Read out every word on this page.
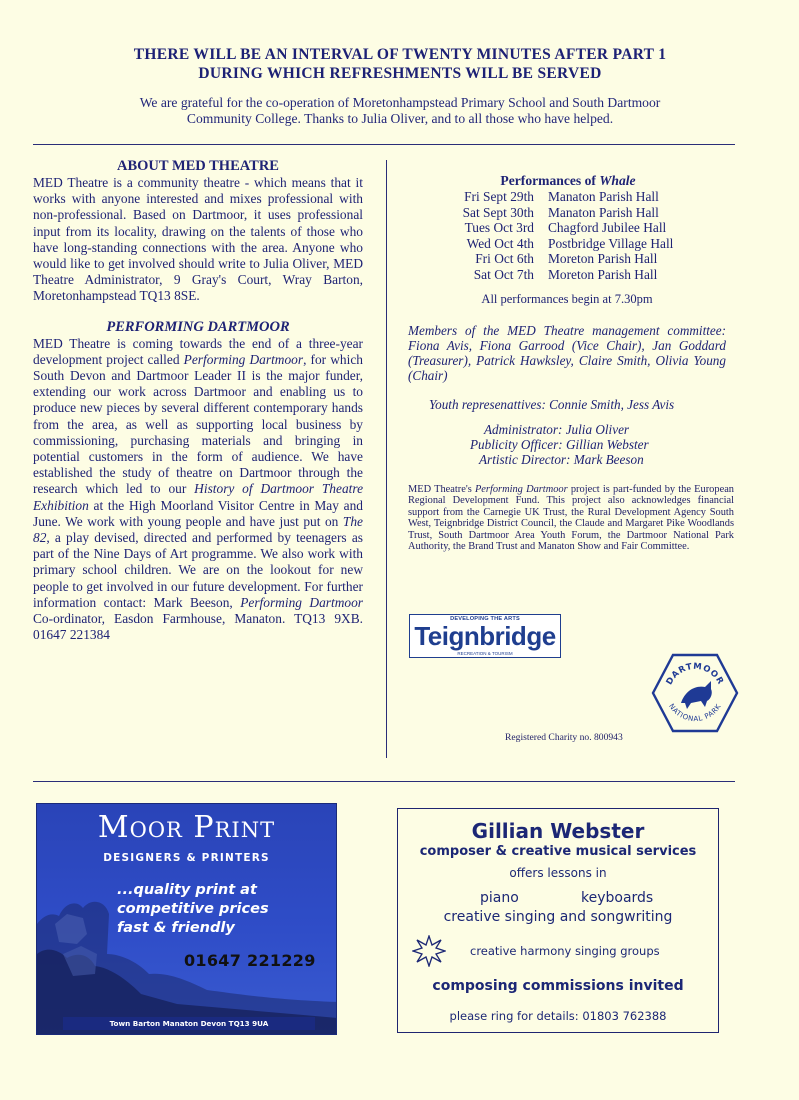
THERE WILL BE AN INTERVAL OF TWENTY MINUTES AFTER PART 1
DURING WHICH REFRESHMENTS WILL BE SERVED
We are grateful for the co-operation of Moretonhampstead Primary School and South Dartmoor
Community College. Thanks to Julia Oliver, and to all those who have helped.
ABOUT MED THEATRE

MED Theatre is a community theatre - which means that it works with anyone interested and mixes professional with non-professional. Based on Dartmoor, it uses professional input from its locality, drawing on the talents of those who have long-standing connections with the area. Anyone who would like to get involved should write to Julia Oliver, MED Theatre Administrator, 9 Gray's Court, Wray Barton, Moretonhampstead TQ13 8SE.

PERFORMING DARTMOOR

MED Theatre is coming towards the end of a three-year development project called Performing Dartmoor, for which South Devon and Dartmoor Leader II is the major funder, extending our work across Dartmoor and enabling us to produce new pieces by several different contemporary hands from the area, as well as supporting local business by commissioning, purchasing materials and bringing in potential customers in the form of audience. We have established the study of theatre on Dartmoor through the research which led to our History of Dartmoor Theatre Exhibition at the High Moorland Visitor Centre in May and June. We work with young people and have just put on The 82, a play devised, directed and performed by teenagers as part of the Nine Days of Art programme. We also work with primary school children. We are on the lookout for new people to get involved in our future development. For further information contact: Mark Beeson, Performing Dartmoor Co-ordinator, Easdon Farmhouse, Manaton. TQ13 9XB. 01647 221384

Performances of Whale
Fri Sept 29th	Manaton Parish Hall
Sat Sept 30th	Manaton Parish Hall
Tues Oct 3rd	Chagford Jubilee Hall
Wed Oct 4th	Postbridge Village Hall
Fri Oct 6th	Moreton Parish Hall
Sat Oct 7th	Moreton Parish Hall
All performances begin at 7.30pm
Members of the MED Theatre management committee: Fiona Avis, Fiona Garrood (Vice Chair), Jan Goddard (Treasurer), Patrick Hawksley, Claire Smith, Olivia Young (Chair)
Youth represenattives: Connie Smith, Jess Avis
Administrator: Julia Oliver
Publicity Officer: Gillian Webster
Artistic Director: Mark Beeson
MED Theatre's Performing Dartmoor project is part-funded by the European Regional Development Fund. This project also acknowledges financial support from the Carnegie UK Trust, the Rural Development Agency South West, Teignbridge District Council, the Claude and Margaret Pike Woodlands Trust, South Dartmoor Area Youth Forum, the Dartmoor National Park Authority, the Brand Trust and Manaton Show and Fair Committee.
DEVELOPING THE ARTS
Teignbridge
RECREATION & TOURISM
DARTMOOR
NATIONAL PARK
Registered Charity no. 800943
Moor Print
DESIGNERS & PRINTERS
...quality print at
competitive prices
fast & friendly
01647 221229
Town Barton Manaton Devon TQ13 9UA
Gillian Webster
composer & creative musical services
offers lessons in
piano	keyboards
creative singing and songwriting
creative harmony singing groups
composing commissions invited
please ring for details: 01803 762388
